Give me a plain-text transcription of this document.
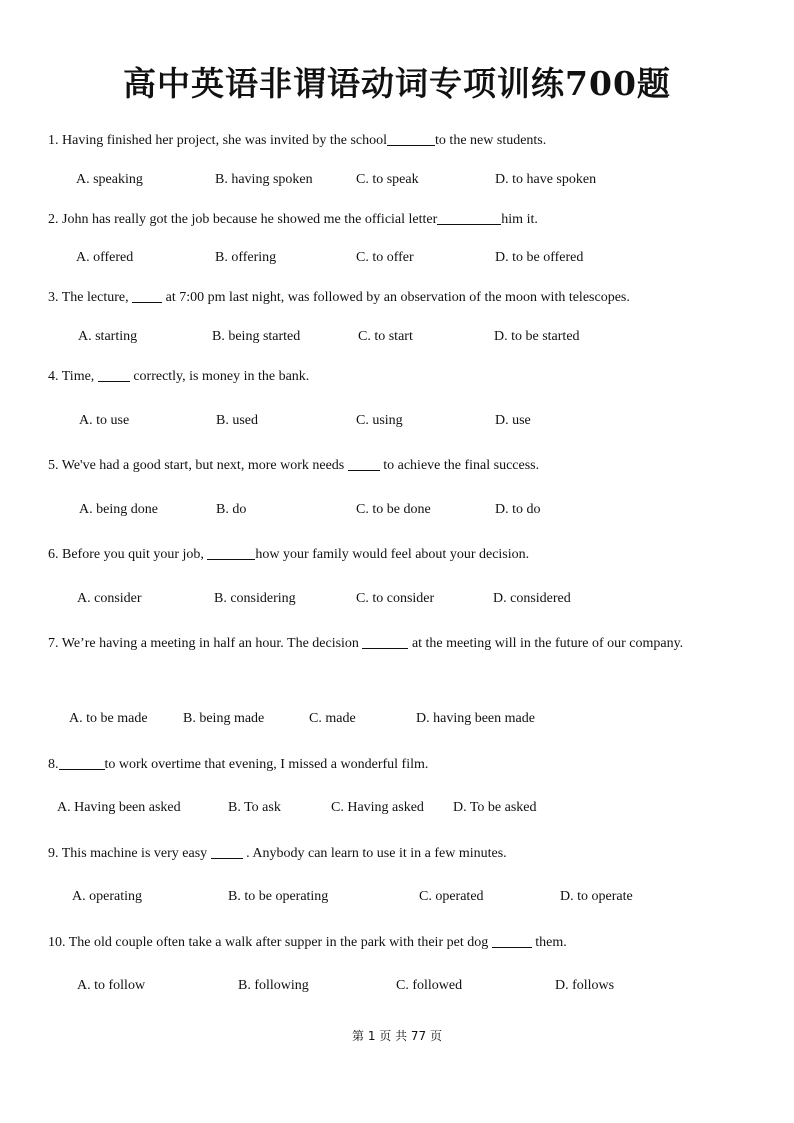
高中英语非谓语动词专项训练700题
1. Having finished her project, she was invited by the school	to the new students.
A. speaking	B. having spoken	C. to speak	D. to have spoken
2. John has really got the job because he showed me the official letter	him it.
A. offered	B. offering	C. to offer	D. to be offered
3. The lecture,	at 7:00 pm last night, was followed by an observation of the moon with telescopes.
A. starting	B. being started	C. to start	D. to be started
4. Time,	correctly, is money in the bank.
A. to use	B. used	C. using	D. use
5. We've had a good start, but next, more work needs	to achieve the final success.
A. being done	B. do	C. to be done	D. to do
6. Before you quit your job,	how your family would feel about your decision.
A. consider	B. considering	C. to consider	D. considered
7. We’re having a meeting in half an hour. The decision	at the meeting will in the future of our company.
A. to be made	B. being made	C. made	D. having been made
8.	to work overtime that evening, I missed a wonderful film.
A. Having been asked	B. To ask	C. Having asked D. To be asked
9. This machine is very easy	. Anybody can learn to use it in a few minutes.
A. operating	B. to be operating	C. operated	D. to operate
10. The old couple often take a walk after supper in the park with their pet dog	them.
A. to follow	B. following	C. followed	D. follows
第 1 页 共 77 页
